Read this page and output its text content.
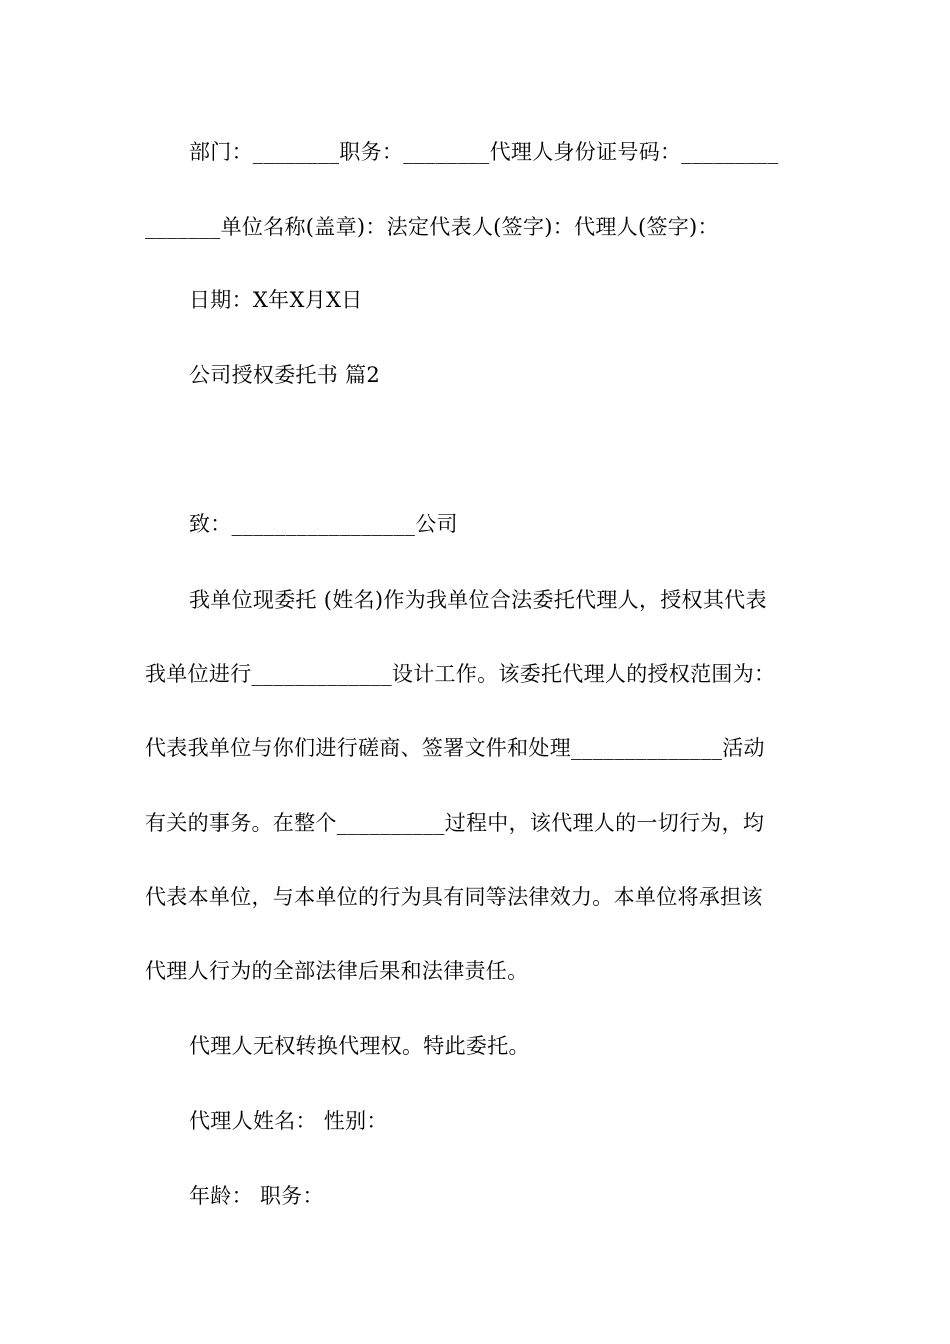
部门：________职务：________代理人身份证号码：_________
_______单位名称(盖章)：法定代表人(签字)：代理人(签字)：
日期：X年X月X日
公司授权委托书 篇2
致：_________________公司
我单位现委托 (姓名)作为我单位合法委托代理人，授权其代表
我单位进行_____________设计工作。该委托代理人的授权范围为：
代表我单位与你们进行磋商、签署文件和处理______________活动
有关的事务。在整个__________过程中，该代理人的一切行为，均
代表本单位，与本单位的行为具有同等法律效力。本单位将承担该
代理人行为的全部法律后果和法律责任。
代理人无权转换代理权。特此委托。
代理人姓名： 性别：
年龄： 职务：
